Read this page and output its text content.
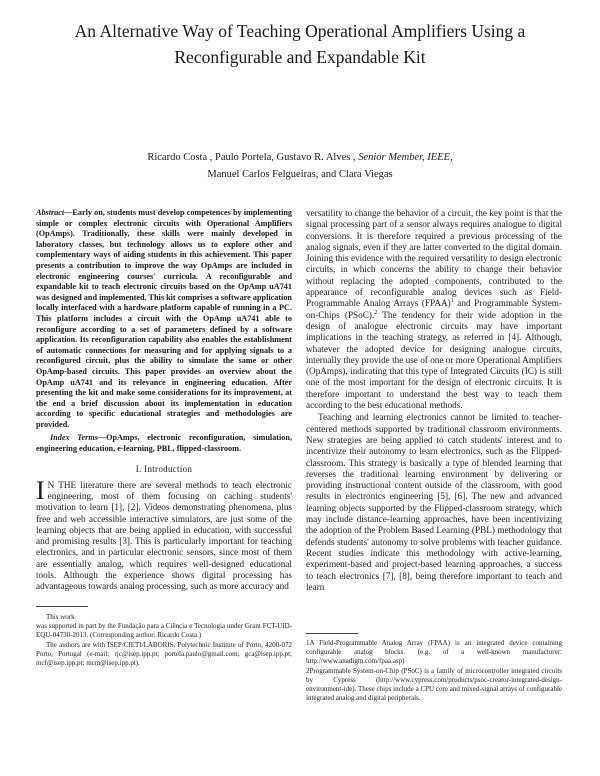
An Alternative Way of Teaching Operational Amplifiers Using a Reconfigurable and Expandable Kit
Ricardo Costa , Paulo Portela, Gustavo R. Alves , Senior Member, IEEE,
Manuel Carlos Felgueiras, and Clara Viegas
Abstract—Early on, students must develop competences by implementing simple or complex electronic circuits with Operational Amplifiers (OpAmps). Traditionally, these skills were mainly developed in laboratory classes, but technology allows us to explore other and complementary ways of aiding students in this achievement. This paper presents a contribution to improve the way OpAmps are included in electronic engineering courses' curricula. A reconfigurable and expandable kit to teach electronic circuits based on the OpAmp uA741 was designed and implemented. This kit comprises a software application locally interfaced with a hardware platform capable of running in a PC. This platform includes a circuit with the OpAmp uA741 able to reconfigure according to a set of parameters defined by a software application. Its reconfiguration capability also enables the establishment of automatic connections for measuring and for applying signals to a reconfigured circuit, plus the ability to simulate the same or other OpAmp-based circuits. This paper provides an overview about the OpAmp uA741 and its relevance in engineering education. After presenting the kit and make some considerations for its improvement, at the end a brief discussion about its implementation in education according to specific educational strategies and methodologies are provided.
Index Terms—OpAmps, electronic reconfiguration, simulation, engineering education, e-learning, PBL, flipped-classroom.
I. Introduction
I N THE literature there are several methods to teach electronic engineering, most of them focusing on caching students' motivation to learn [1], [2]. Videos demonstrating phenomena, plus free and web accessible interactive simulators, are just some of the learning objects that are being applied in education, with successful and promising results [3]. This is particularly important for teaching electronics, and in particular electronic sensors, since most of them are essentially analog, which requires well-designed educational tools. Although the experience shows digital processing has advantageous towards analog processing, such as more accuracy and
This work
was supported in part by the Fundação para a Ciência e Tecnologia under Grant FCT-UID-EQU-04730-2013. (Corresponding author: Ricardo Costa.)
The authors are with ISEP/CIETI/LABORIS, Polytechnic Institute of Porto, 4200-072 Porto, Portugal (e-mail: rjc@isep.ipp.pt; portela.paulo@gmail.com; gca@isep.ipp.pt; mcf@isep.ipp.pt; mcm@isep.ipp.pt).
versatility to change the behavior of a circuit, the key point is that the signal processing part of a sensor always requires analogue to digital conversions. It is therefore required a previous processing of the analog signals, even if they are latter converted to the digital domain. Joining this evidence with the required versatility to design electronic circuits, in which concerns the ability to change their behavior without replacing the adopted components, contributed to the appearance of reconfigurable analog devices such as Field-Programmable Analog Arrays (FPAA)$^1$ and Programmable System-on-Chips (PSoC).$^2$ The tendency for their wide adoption in the design of analogue electronic circuits may have important implications in the teaching strategy, as referred in [4]. Although, whatever the adopted device for designing analogue circuits, internally they provide the use of one or more Operational Amplifiers (OpAmps), indicating that this type of Integrated Circuits (IC) is still one of the most important for the design of electronic circuits. It is therefore important to understand the best way to teach them according to the best educational methods.
Teaching and learning electronics cannot be limited to teacher-centered methods supported by traditional classroom environments. New strategies are being applied to catch students' interest and to incentivize their autonomy to learn electronics, such as the Flipped-classroom. This strategy is basically a type of blended learning that reverses the traditional learning environment by delivering or providing instructional content outside of the classroom, with good results in electronics engineering [5], [6]. The new and advanced learning objects supported by the Flipped-classroom strategy, which may include distance-learning approaches, have been incentivizing the adoption of the Problem Based Learning (PBL) methodology that defends students' autonomy to solve problems with teacher guidance. Recent studies indicate this methodology with active-learning, experiment-based and project-based learning approaches, a success to teach electronics [7], [8], being therefore important to teach and learn
1A Field-Programmable Analog Array (FPAA) is an integrated device containing configurable analog blocks. (e.g. of a well-known manufacturer: http://www.anadigm.com/fpaa.asp)
2Programmable System-on-Chip (PSoC) is a family of microcontroller integrated circuits by Cypress (http://www.cypress.com/products/psoc-creator-integrated-design-environment-ide). These chips include a CPU core and mixed-signal arrays of configurable integrated analog and digital peripherals.
